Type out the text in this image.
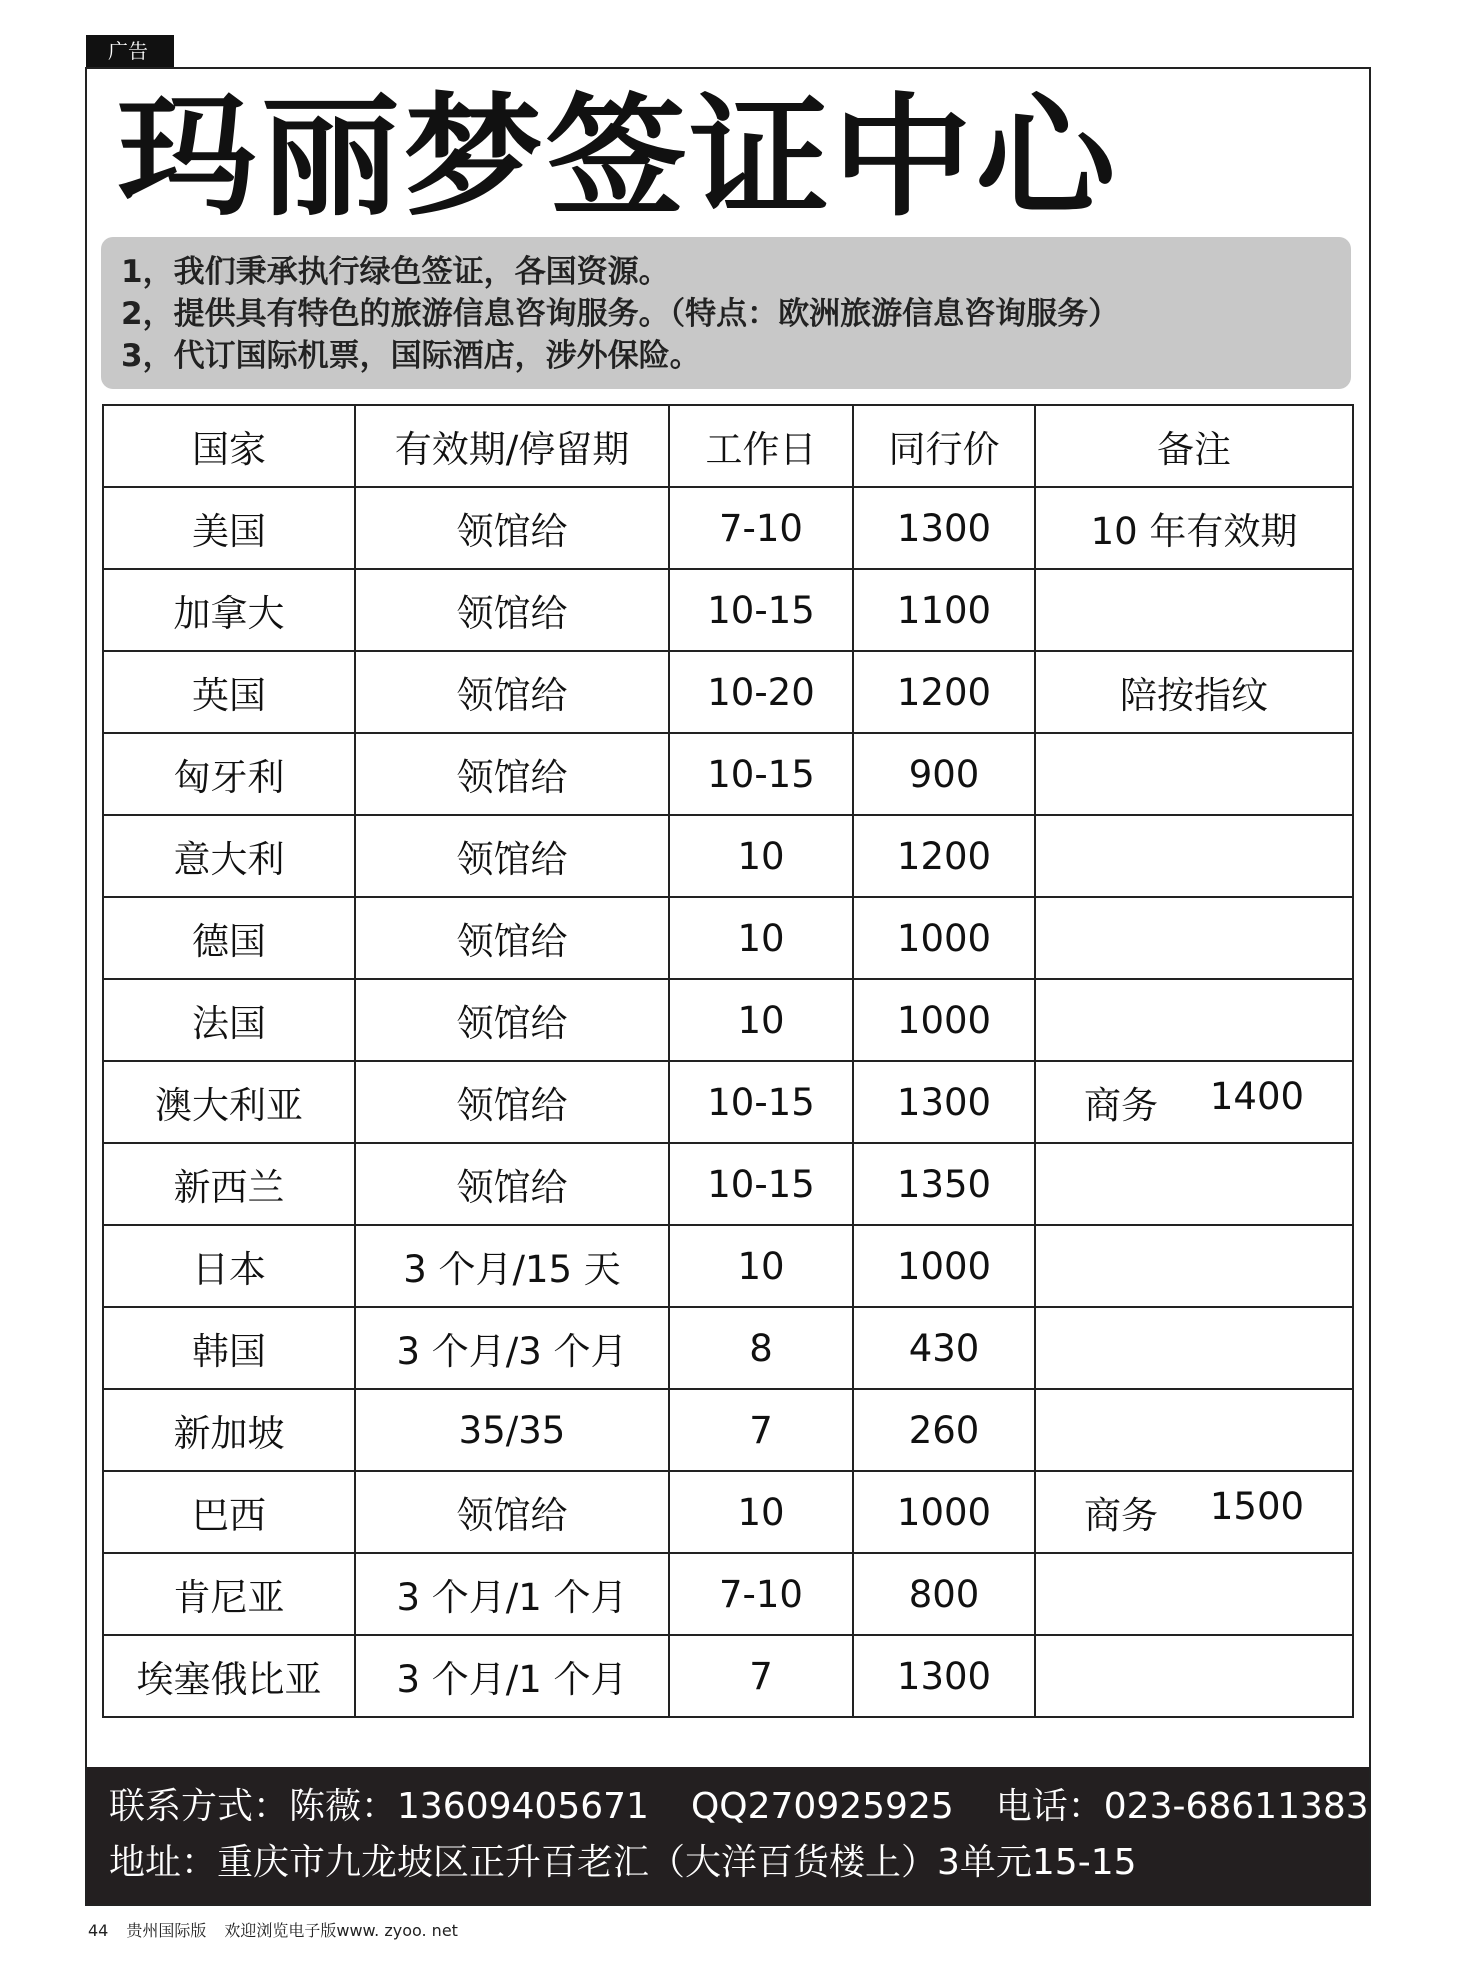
广告
玛丽梦签证中心
1，我们秉承执行绿色签证，各国资源。
2，提供具有特色的旅游信息咨询服务。（特点：欧洲旅游信息咨询服务）
3，代订国际机票，国际酒店，涉外保险。
国家	有效期/停留期	工作日	同行价	备注
美国	领馆给	7-10	1300	10 年有效期
加拿大	领馆给	10-15	1100	
英国	领馆给	10-20	1200	陪按指纹
匈牙利	领馆给	10-15	900	
意大利	领馆给	10	1200	
德国	领馆给	10	1000	
法国	领馆给	10	1000	
澳大利亚	领馆给	10-15	1300	商务 1400

新西兰	领馆给	10-15	1350	
日本	3 个月/15 天	10	1000	
韩国	3 个月/3 个月	8	430	
新加坡	35/35	7	260	
巴西	领馆给	10	1000	商务 1500

肯尼亚	3 个月/1 个月	7-10	800	
埃塞俄比亚	3 个月/1 个月	7	1300	
联系方式：陈薇：13609405671 QQ270925925 电话：023-68611383
地址：重庆市九龙坡区正升百老汇（大洋百货楼上）3单元15-15
44 贵州国际版 欢迎浏览电子版www. zyoo. net
